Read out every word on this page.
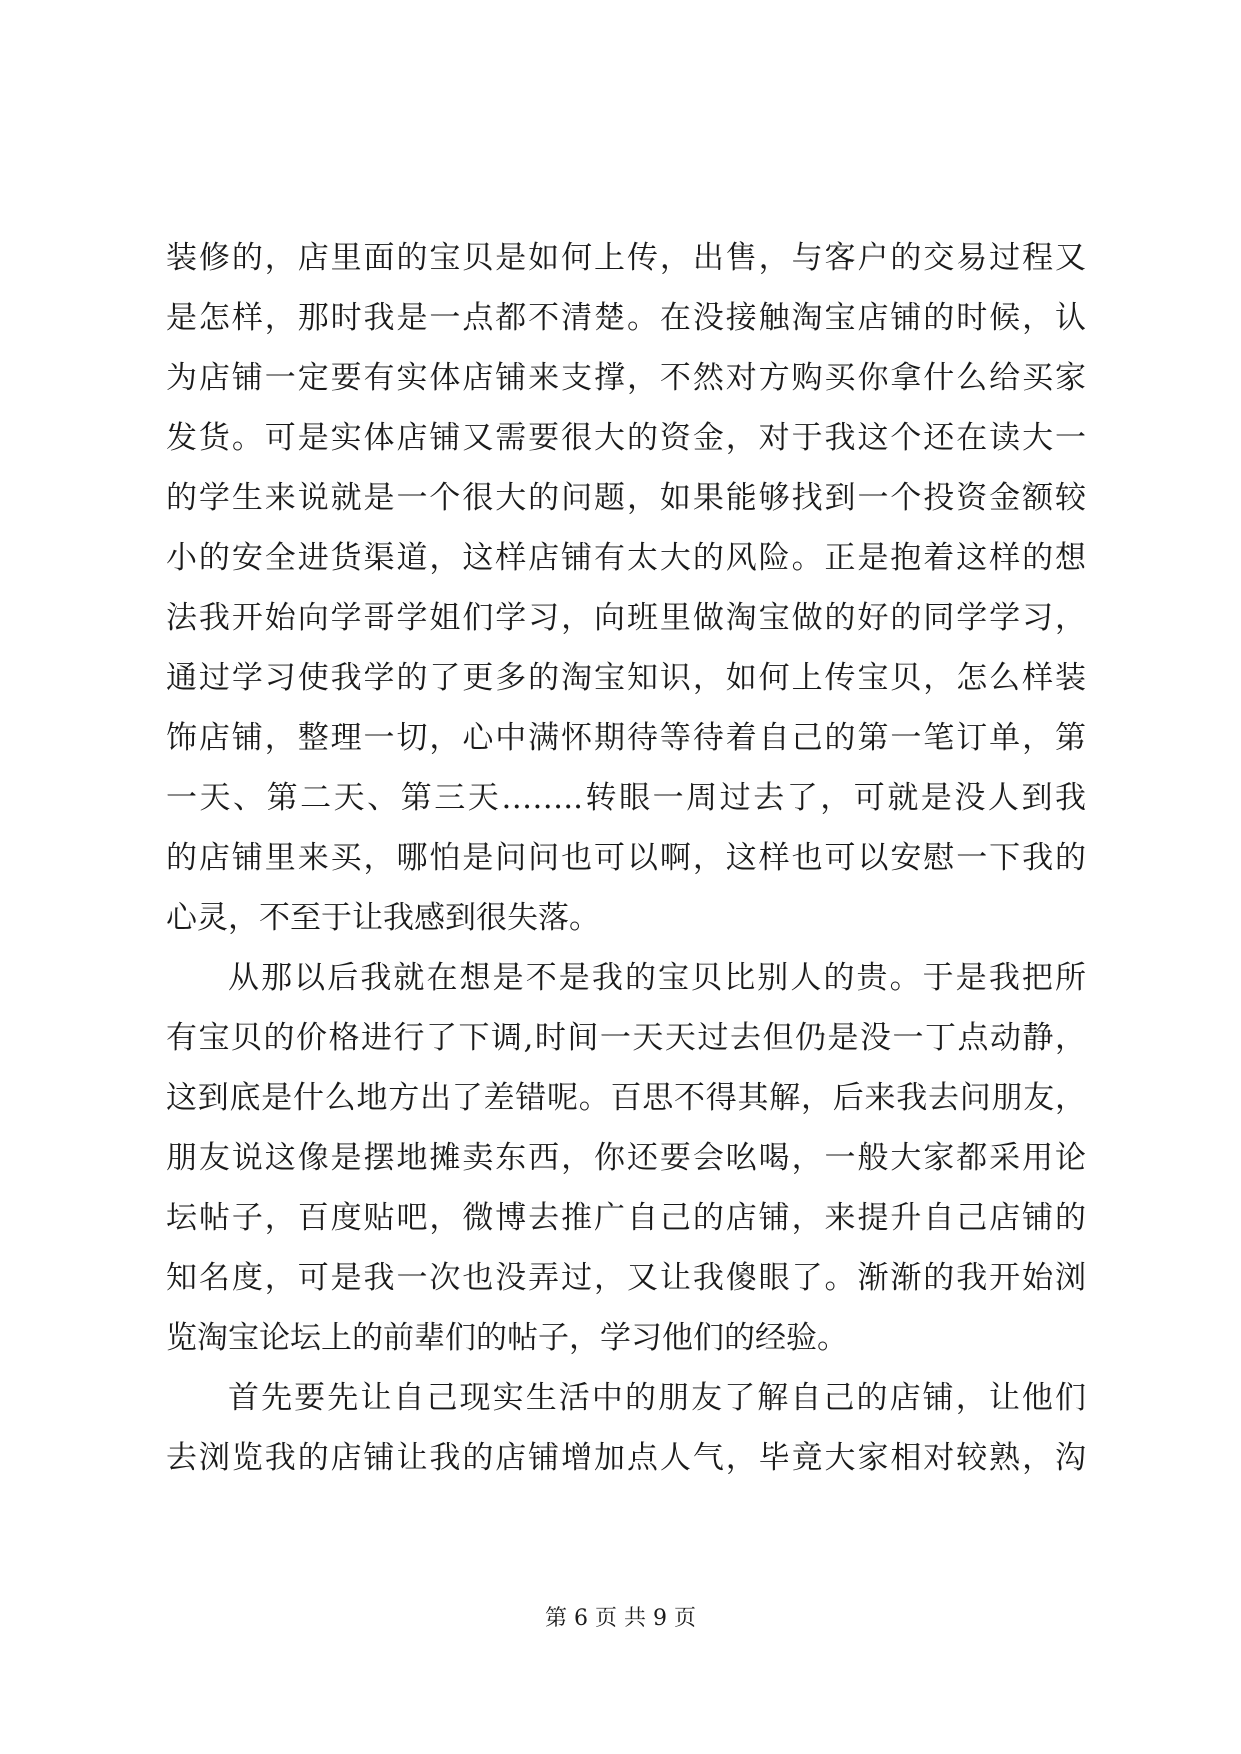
装修的，店里面的宝贝是如何上传，出售，与客户的交易过程又
是怎样，那时我是一点都不清楚。在没接触淘宝店铺的时候，认
为店铺一定要有实体店铺来支撑，不然对方购买你拿什么给买家
发货。可是实体店铺又需要很大的资金，对于我这个还在读大一
的学生来说就是一个很大的问题，如果能够找到一个投资金额较
小的安全进货渠道，这样店铺有太大的风险。正是抱着这样的想
法我开始向学哥学姐们学习，向班里做淘宝做的好的同学学习，
通过学习使我学的了更多的淘宝知识，如何上传宝贝，怎么样装
饰店铺，整理一切，心中满怀期待等待着自己的第一笔订单，第
一天、第二天、第三天……..转眼一周过去了，可就是没人到我
的店铺里来买，哪怕是问问也可以啊，这样也可以安慰一下我的
心灵，不至于让我感到很失落。
从那以后我就在想是不是我的宝贝比别人的贵。于是我把所
有宝贝的价格进行了下调,时间一天天过去但仍是没一丁点动静，
这到底是什么地方出了差错呢。百思不得其解，后来我去问朋友，
朋友说这像是摆地摊卖东西，你还要会吆喝，一般大家都采用论
坛帖子，百度贴吧，微博去推广自己的店铺，来提升自己店铺的
知名度，可是我一次也没弄过，又让我傻眼了。渐渐的我开始浏
览淘宝论坛上的前辈们的帖子，学习他们的经验。
首先要先让自己现实生活中的朋友了解自己的店铺，让他们
去浏览我的店铺让我的店铺增加点人气，毕竟大家相对较熟，沟
第 6 页 共 9 页
